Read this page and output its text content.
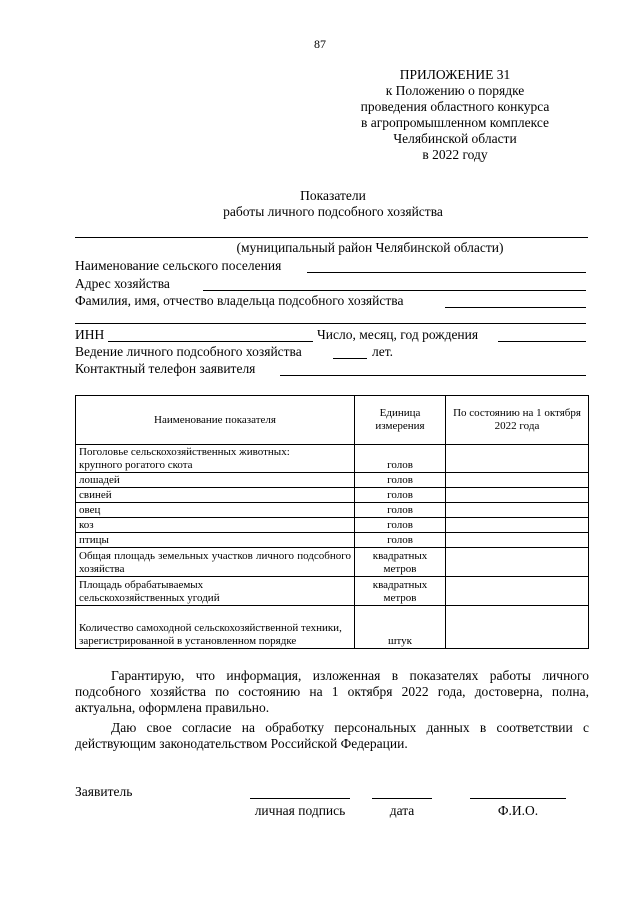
87
ПРИЛОЖЕНИЕ 31
к Положению о порядке
проведения областного конкурса
в агропромышленном комплексе
Челябинской области
в 2022 году
Показатели
работы личного подсобного хозяйства
(муниципальный район Челябинской области)
Наименование сельского поселения
Адрес хозяйства
Фамилия, имя, отчество владельца подсобного хозяйства
ИНН	Число, месяц, год рождения
Ведение личного подсобного хозяйства	лет.
Контактный телефон заявителя
Наименование показателя	Единица измерения	По состоянию на 1 октября 2022 года

Поголовье сельскохозяйственных животных:
крупного рогатого скота	голов	
лошадей	голов	
свиней	голов	
овец	голов	
коз	голов	
птицы	голов	
Общая площадь земельных участков личного подсобного хозяйства	квадратных метров	

Площадь обрабатываемых сельскохозяйственных угодий	квадратных метров	
Количество самоходной сельскохозяйственной техники, зарегистрированной в установленном порядке	штук	
Гарантирую, что информация, изложенная в показателях работы личного подсобного хозяйства по состоянию на 1 октября 2022 года, достоверна, полна, актуальна, оформлена правильно.
Даю свое согласие на обработку персональных данных в соответствии с действующим законодательством Российской Федерации.
Заявитель
личная подпись	дата	Ф.И.О.
